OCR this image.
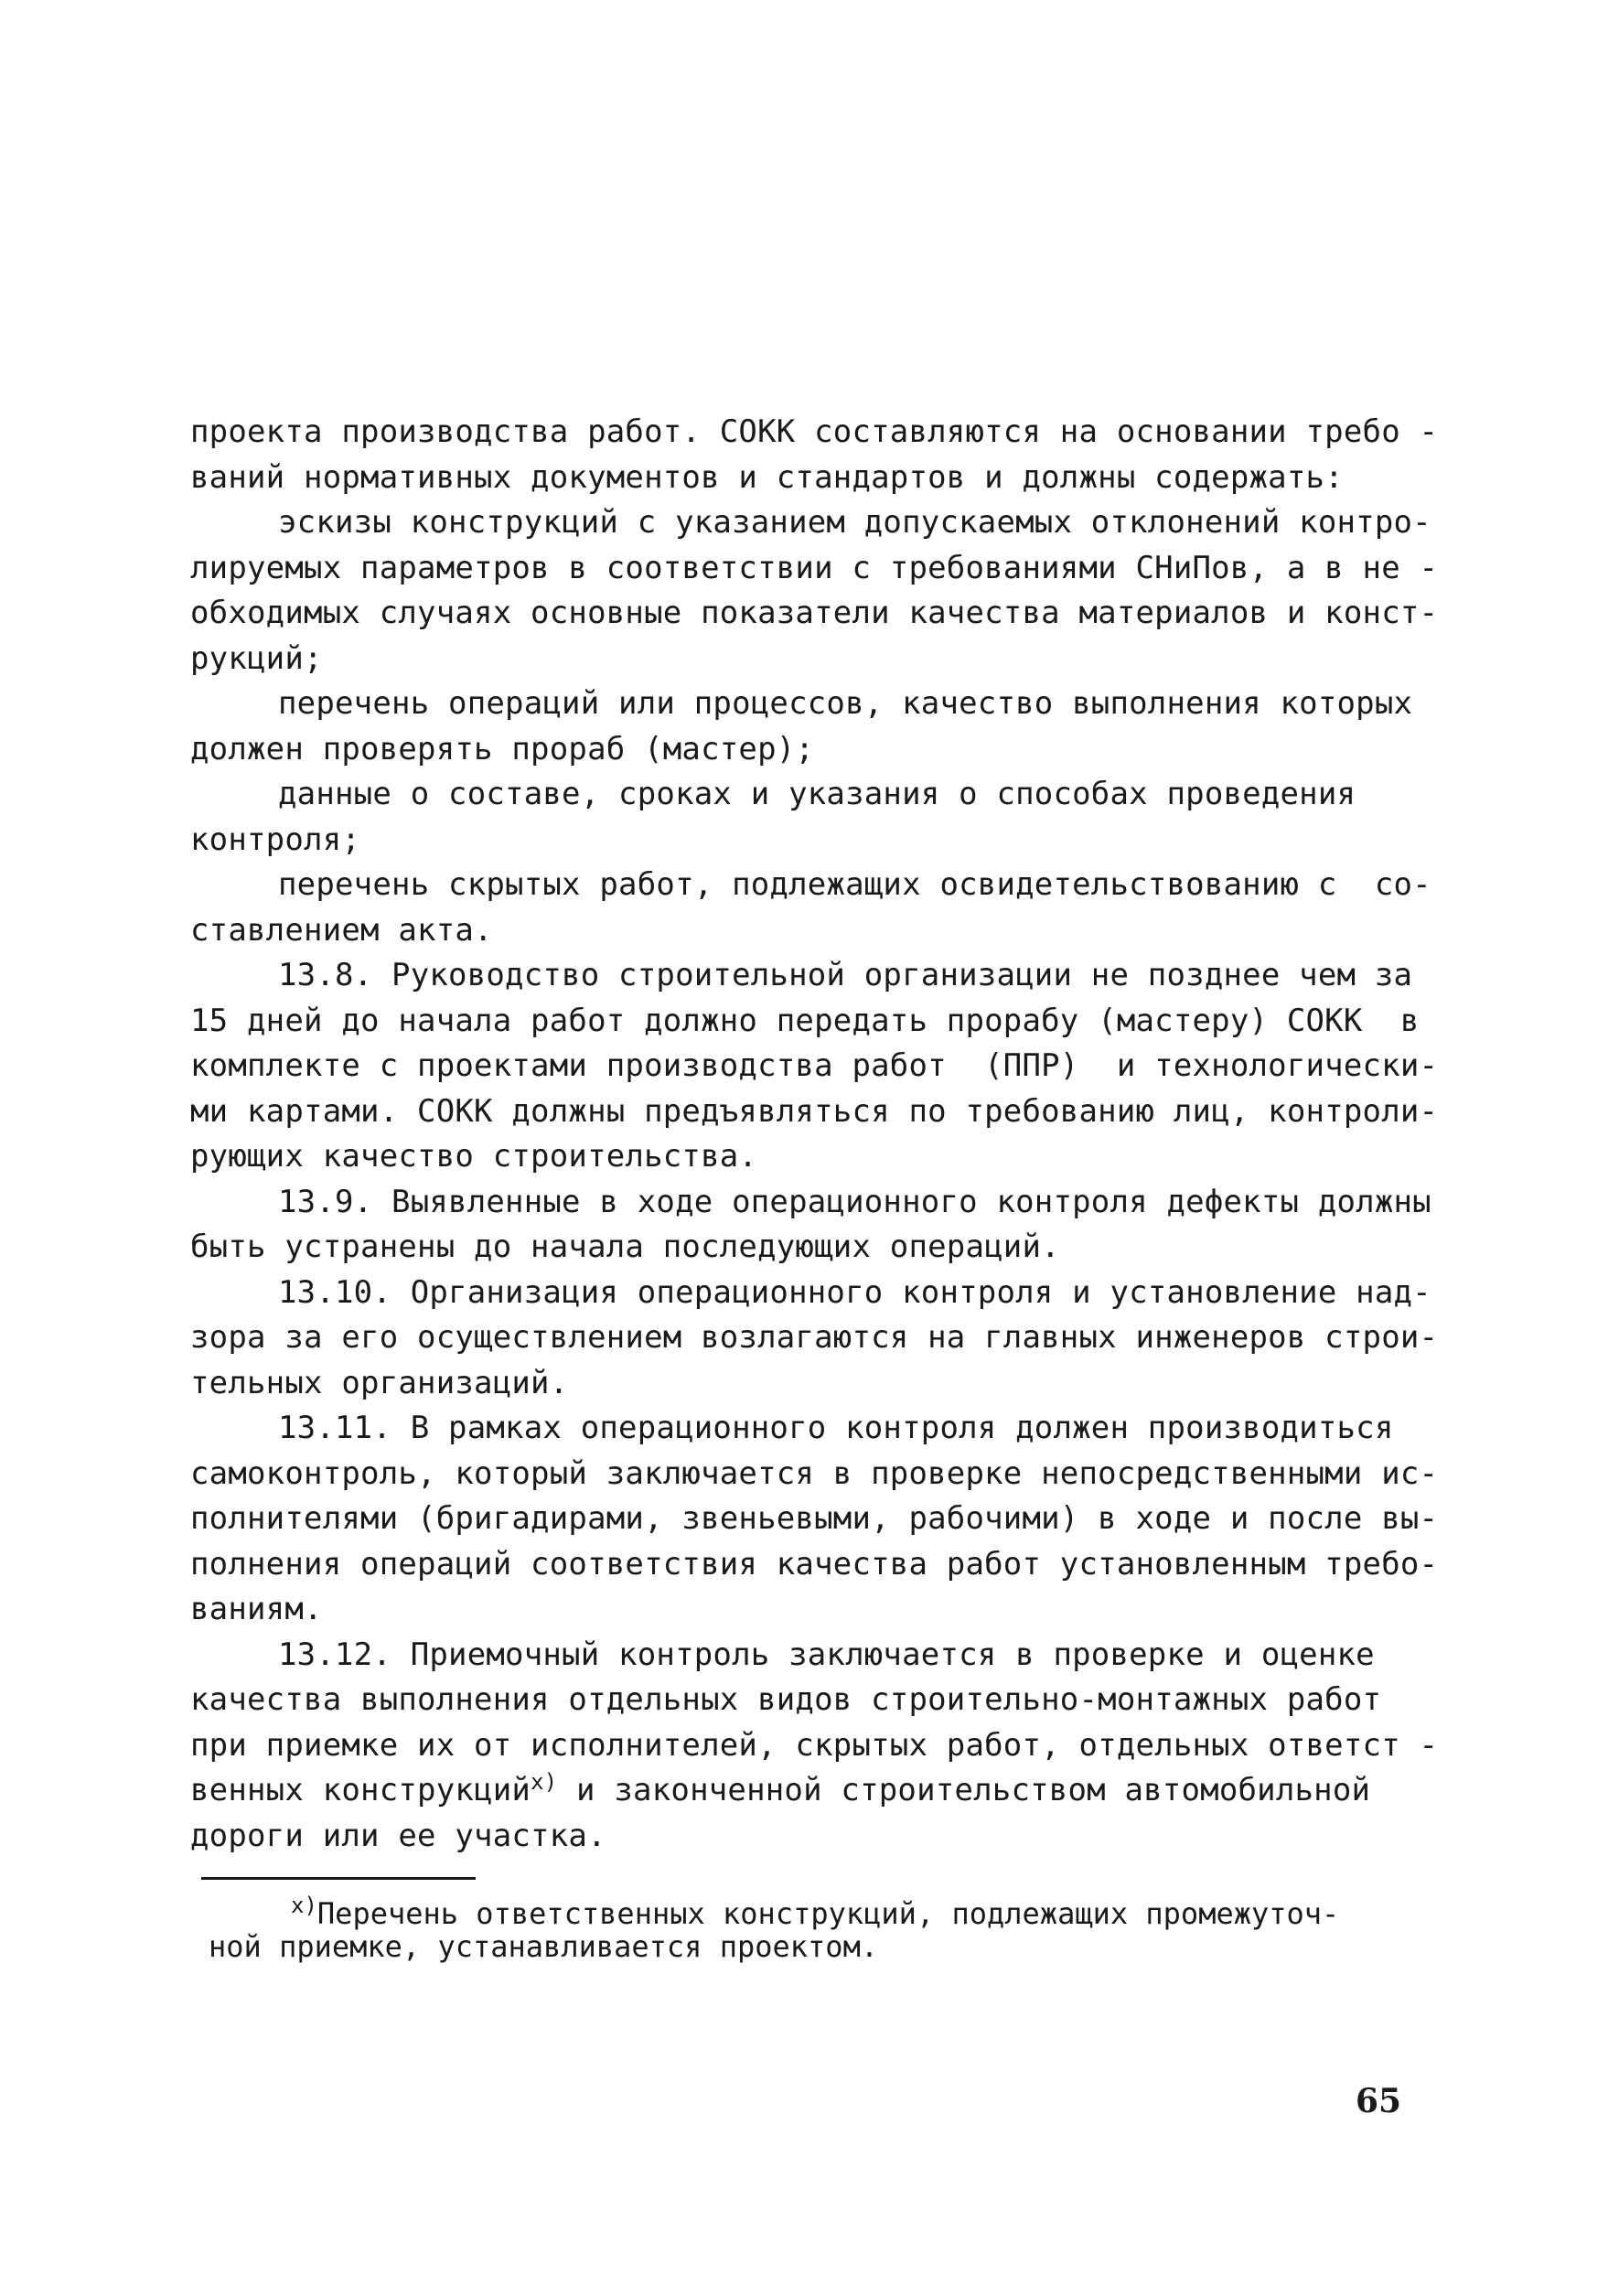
проекта производства работ. СОКК составляются на основании требо -
ваний нормативных документов и стандартов и должны содержать:
эскизы конструкций с указанием допускаемых отклонений контро-
лируемых параметров в соответствии с требованиями СНиПов, а в не -
обходимых случаях основные показатели качества материалов и конст-
рукций;
перечень операций или процессов, качество выполнения которых
должен проверять прораб (мастер);
данные о составе, сроках и указания о способах проведения
контроля;
перечень скрытых работ, подлежащих освидетельствованию с  со-
ставлением акта.
13.8. Руководство строительной организации не позднее чем за
15 дней до начала работ должно передать прорабу (мастеру) СОКК  в
комплекте с проектами производства работ  (ППР)  и технологически-
ми картами. СОКК должны предъявляться по требованию лиц, контроли-
рующих качество строительства.
13.9. Выявленные в ходе операционного контроля дефекты должны
быть устранены до начала последующих операций.
13.10. Организация операционного контроля и установление над-
зора за его осуществлением возлагаются на главных инженеров строи-
тельных организаций.
13.11. В рамках операционного контроля должен производиться
самоконтроль, который заключается в проверке непосредственными ис-
полнителями (бригадирами, звеньевыми, рабочими) в ходе и после вы-
полнения операций соответствия качества работ установленным требо-
ваниям.
13.12. Приемочный контроль заключается в проверке и оценке
качества выполнения отдельных видов строительно-монтажных работ
при приемке их от исполнителей, скрытых работ, отдельных ответст -
венных конструкций$^{x)}$ и законченной строительством автомобильной
дороги или ее участка.
$^{x)}$Перечень ответственных конструкций, подлежащих промежуточ-
ной приемке, устанавливается проектом.
65
